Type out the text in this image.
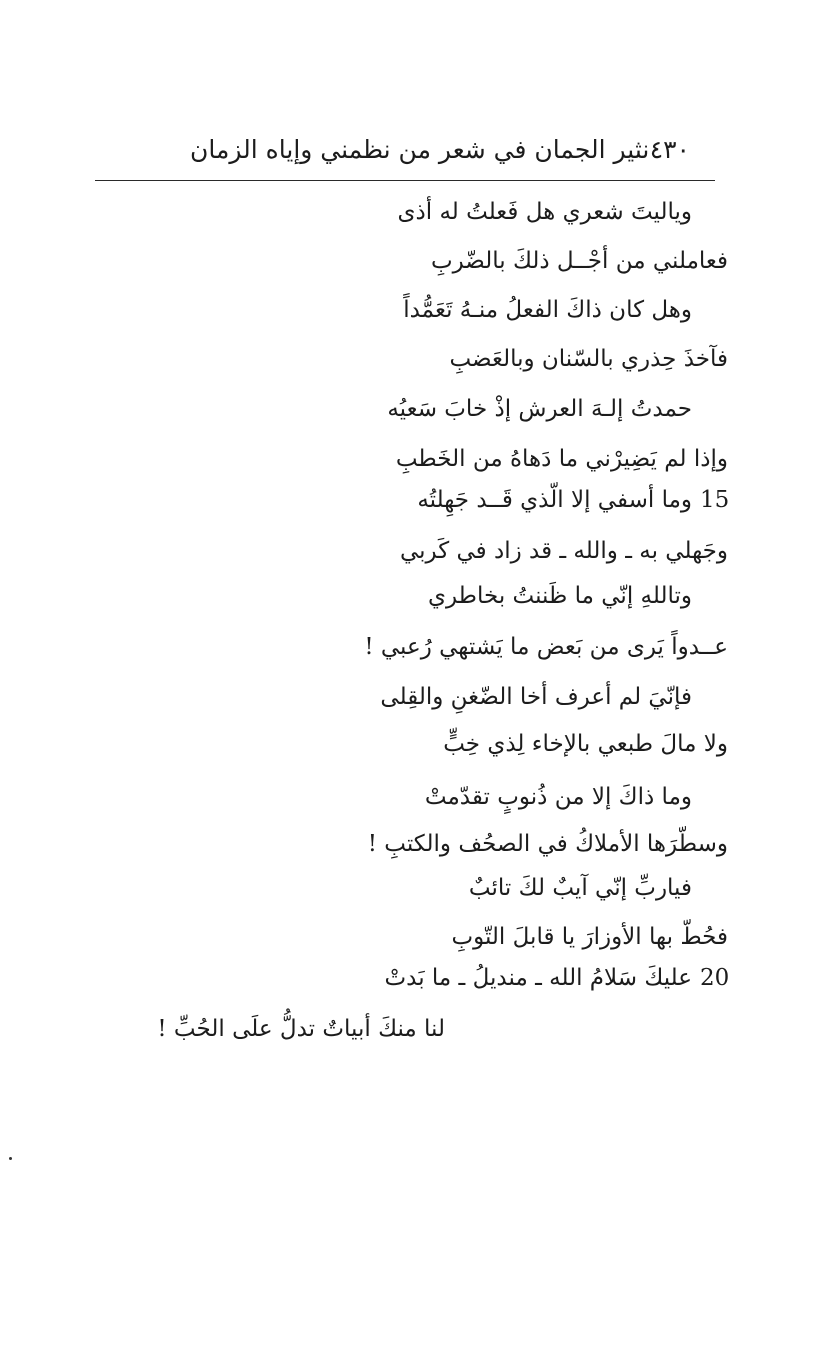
٤٣٠
نثير الجمان في شعر من نظمني وإياه الزمان
وياليتَ شعري هل فَعلتُ له أذى
فعاملني من أجْــل ذلكَ بالضّربِ
وهل كان ذاكَ الفعلُ منـهُ تَعَمُّداً
فآخذَ حِذري بالسّنان وبالعَضبِ
حمدتُ إلـهَ العرش إذْ خابَ سَعيُه
وإذا لم يَضِيرْني ما دَهاهُ من الخَطبِ
وما أسفي إلا الّذي قَــد جَهِلتُه 15
وجَهلي به ـ والله ـ قد زاد في كَربي
وتاللهِ إنّي ما ظَننتُ بخاطري
عــدواً يَرى من بَعض ما يَشتهي رُعبي !
فإنّيَ لم أعرف أخا الضّغنِ والقِلى
ولا مالَ طبعي بالإخاء لِذي خِبٍّ
وما ذاكَ إلا من ذُنوبٍ تقدّمتْ
وسطّرَها الأملاكُ في الصحُف والكتبِ !
فياربِّ إنّي آيبٌ لكَ تائبٌ
فحُطّ بها الأوزارَ يا قابلَ التّوبِ
عليكَ سَلامُ الله ـ منديلُ ـ ما بَدتْ 20
لنا منكَ أبياتٌ تدلُّ علَى الحُبِّ !
